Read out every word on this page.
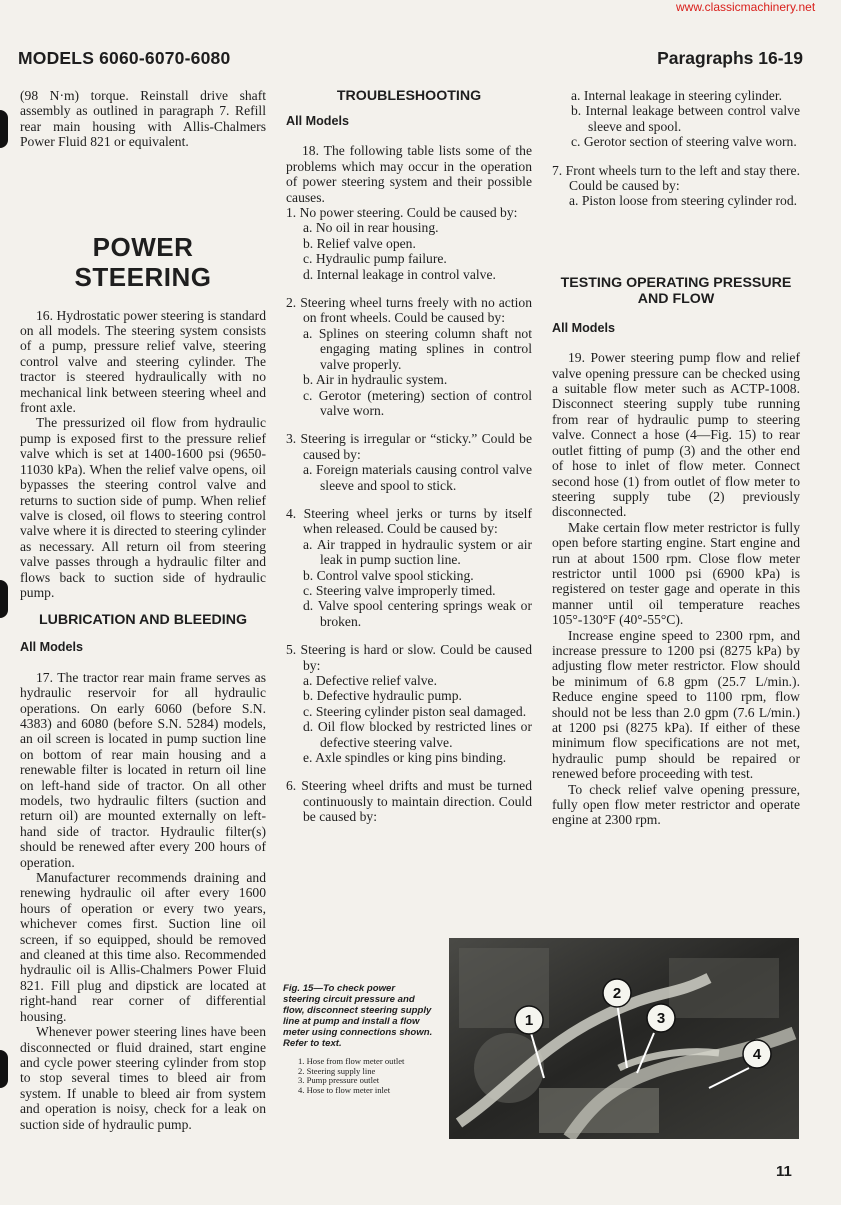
www.classicmachinery.net
MODELS 6060-6070-6080	Paragraphs 16-19

(98 N·m) torque. Reinstall drive shaft assembly as outlined in paragraph 7. Refill rear main housing with Allis-Chalmers Power Fluid 821 or equivalent.

POWER
STEERING

16. Hydrostatic power steering is standard on all models. The steering system consists of a pump, pressure relief valve, steering control valve and steering cylinder. The tractor is steered hydraulically with no mechanical link between steering wheel and front axle.

The pressurized oil flow from hydraulic pump is exposed first to the pressure relief valve which is set at 1400-1600 psi (9650-11030 kPa). When the relief valve opens, oil bypasses the steering control valve and returns to suction side of pump. When relief valve is closed, oil flows to steering control valve where it is directed to steering cylinder as necessary. All return oil from steering valve passes through a hydraulic filter and flows back to suction side of hydraulic pump.

LUBRICATION AND BLEEDING
All Models

17. The tractor rear main frame serves as hydraulic reservoir for all hydraulic operations. On early 6060 (before S.N. 4383) and 6080 (before S.N. 5284) models, an oil screen is located in pump suction line on bottom of rear main housing and a renewable filter is located in return oil line on left-hand side of tractor. On all other models, two hydraulic filters (suction and return oil) are mounted externally on left-hand side of tractor. Hydraulic filter(s) should be renewed after every 200 hours of operation.

Manufacturer recommends draining and renewing hydraulic oil after every 1600 hours of operation or every two years, whichever comes first. Suction line oil screen, if so equipped, should be removed and cleaned at this time also. Recommended hydraulic oil is Allis-Chalmers Power Fluid 821. Fill plug and dipstick are located at right-hand rear corner of differential housing.

Whenever power steering lines have been disconnected or fluid drained, start engine and cycle power steering cylinder from stop to stop several times to bleed air from system. If unable to bleed air from system and operation is noisy, check for a leak on suction side of hydraulic pump.

TROUBLESHOOTING
All Models

18. The following table lists some of the problems which may occur in the operation of power steering system and their possible causes.

1. No power steering. Could be caused by:

a. No oil in rear housing.

b. Relief valve open.

c. Hydraulic pump failure.

d. Internal leakage in control valve.

2. Steering wheel turns freely with no action on front wheels. Could be caused by:

a. Splines on steering column shaft not engaging mating splines in control valve properly.

b. Air in hydraulic system.

c. Gerotor (metering) section of control valve worn.

3. Steering is irregular or “sticky.” Could be caused by:

a. Foreign materials causing control valve sleeve and spool to stick.

4. Steering wheel jerks or turns by itself when released. Could be caused by:

a. Air trapped in hydraulic system or air leak in pump suction line.

b. Control valve spool sticking.

c. Steering valve improperly timed.

d. Valve spool centering springs weak or broken.

5. Steering is hard or slow. Could be caused by:

a. Defective relief valve.

b. Defective hydraulic pump.

c. Steering cylinder piston seal damaged.

d. Oil flow blocked by restricted lines or defective steering valve.

e. Axle spindles or king pins binding.

6. Steering wheel drifts and must be turned continuously to maintain direction. Could be caused by:

a. Internal leakage in steering cylinder.

b. Internal leakage between control valve sleeve and spool.

c. Gerotor section of steering valve worn.

7. Front wheels turn to the left and stay there. Could be caused by:

a. Piston loose from steering cylinder rod.

TESTING OPERATING PRESSURE
AND FLOW
All Models

19. Power steering pump flow and relief valve opening pressure can be checked using a suitable flow meter such as ACTP-1008. Disconnect steering supply tube running from rear of hydraulic pump to steering valve. Connect a hose (4—Fig. 15) to rear outlet fitting of pump (3) and the other end of hose to inlet of flow meter. Connect second hose (1) from outlet of flow meter to steering supply tube (2) previously disconnected.

Make certain flow meter restrictor is fully open before starting engine. Start engine and run at about 1500 rpm. Close flow meter restrictor until 1000 psi (6900 kPa) is registered on tester gage and operate in this manner until oil temperature reaches 105°-130°F (40°-55°C).

Increase engine speed to 2300 rpm, and increase pressure to 1200 psi (8275 kPa) by adjusting flow meter restrictor. Flow should be minimum of 6.8 gpm (25.7 L/min.). Reduce engine speed to 1100 rpm, flow should not be less than 2.0 gpm (7.6 L/min.) at 1200 psi (8275 kPa). If either of these minimum flow specifications are not met, hydraulic pump should be repaired or renewed before proceeding with test.

To check relief valve opening pressure, fully open flow meter restrictor and operate engine at 2300 rpm.

Fig. 15—To check power steering circuit pressure and flow, disconnect steering supply line at pump and install a flow meter using connections shown. Refer to text.
1. Hose from flow meter outlet
2. Steering supply line
3. Pump pressure outlet
4. Hose to flow meter inlet
1
2
3
4
11
